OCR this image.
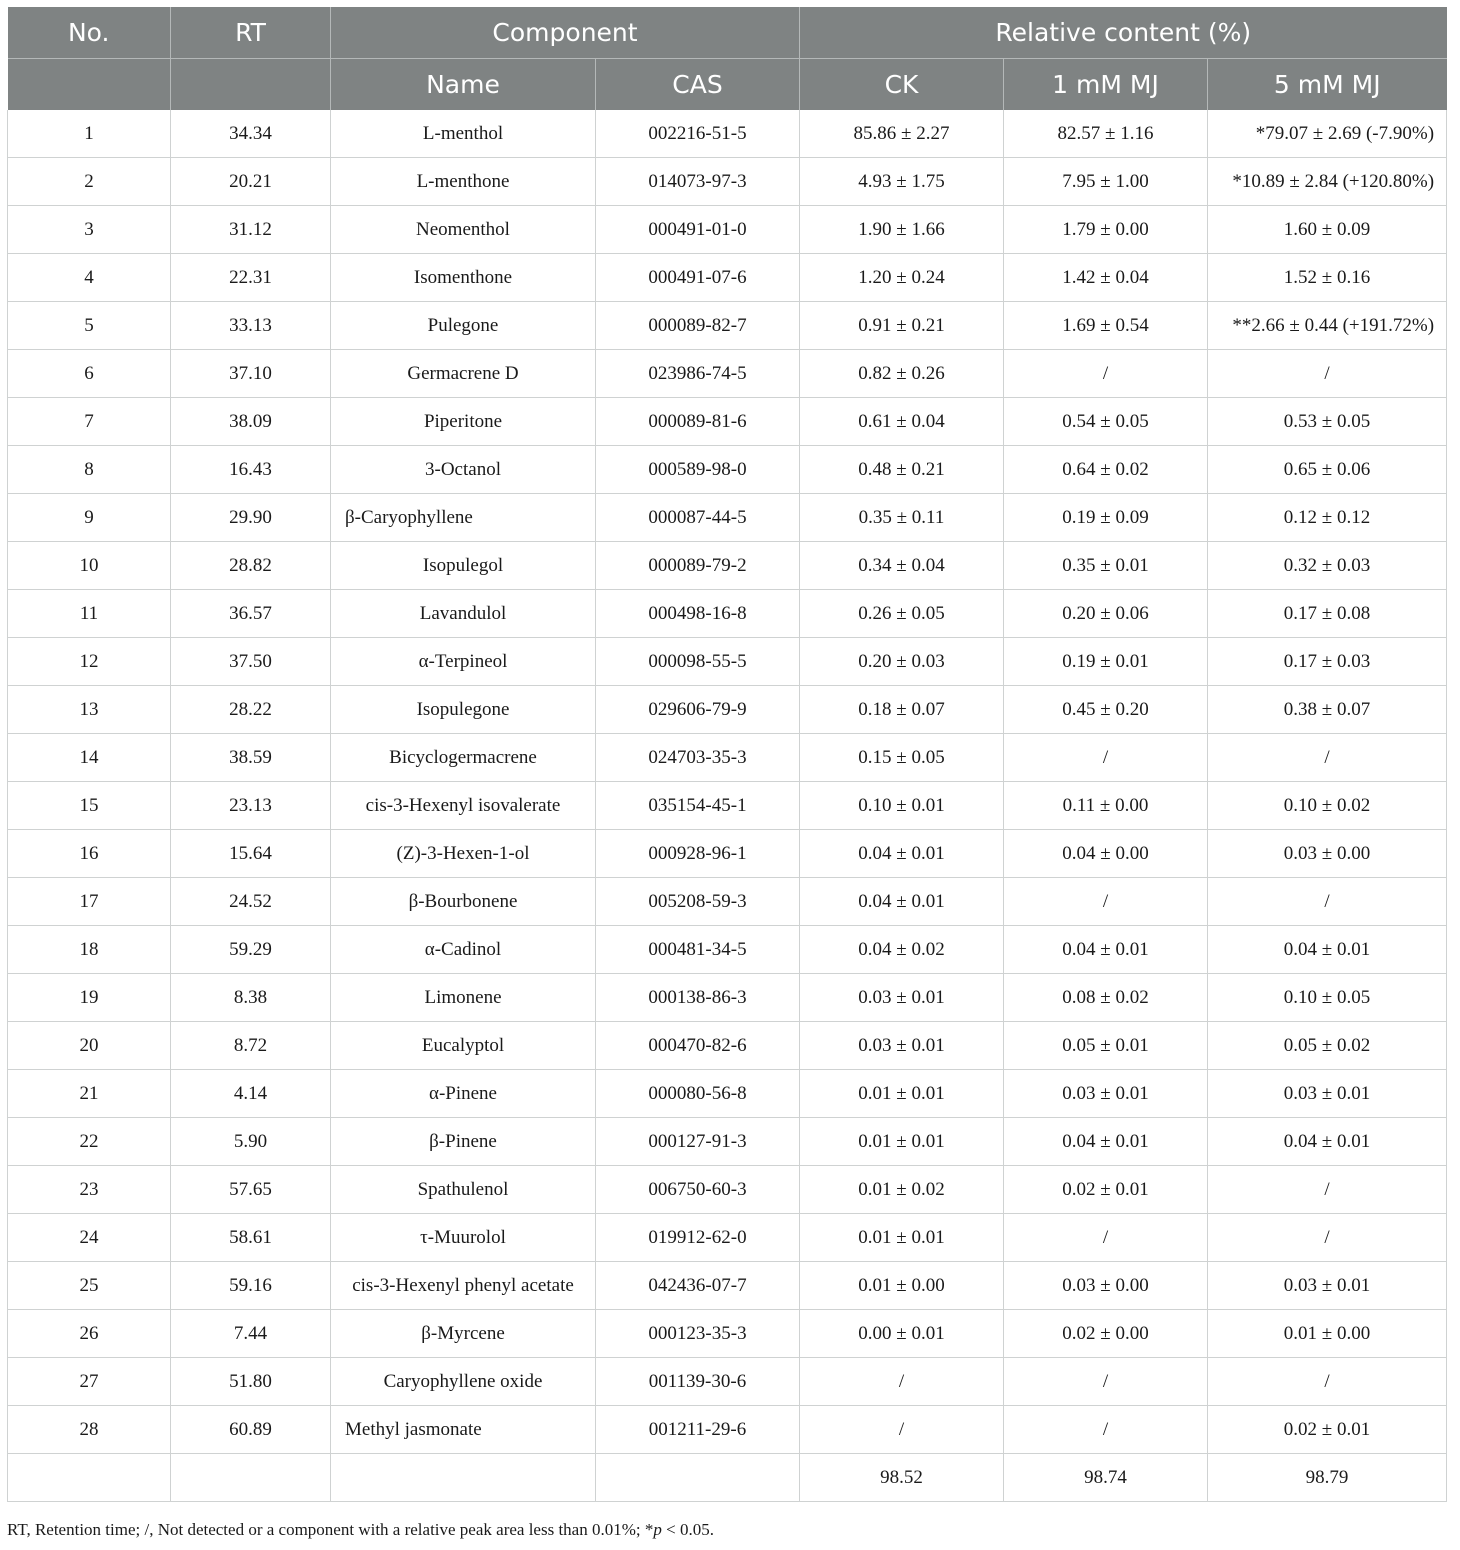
No.	RT	Component		Relative content (%)		
		Name	CAS	CK	1 mM MJ	5 mM MJ
1	34.34	L-menthol	002216-51-5	85.86 ± 2.27	82.57 ± 1.16	*79.07 ± 2.69 (-7.90%)
2	20.21	L-menthone	014073-97-3	4.93 ± 1.75	7.95 ± 1.00	*10.89 ± 2.84 (+120.80%)
3	31.12	Neomenthol	000491-01-0	1.90 ± 1.66	1.79 ± 0.00	1.60 ± 0.09
4	22.31	Isomenthone	000491-07-6	1.20 ± 0.24	1.42 ± 0.04	1.52 ± 0.16
5	33.13	Pulegone	000089-82-7	0.91 ± 0.21	1.69 ± 0.54	**2.66 ± 0.44 (+191.72%)
6	37.10	Germacrene D	023986-74-5	0.82 ± 0.26	/	/
7	38.09	Piperitone	000089-81-6	0.61 ± 0.04	0.54 ± 0.05	0.53 ± 0.05
8	16.43	3-Octanol	000589-98-0	0.48 ± 0.21	0.64 ± 0.02	0.65 ± 0.06
9	29.90	β-Caryophyllene	000087-44-5	0.35 ± 0.11	0.19 ± 0.09	0.12 ± 0.12
10	28.82	Isopulegol	000089-79-2	0.34 ± 0.04	0.35 ± 0.01	0.32 ± 0.03
11	36.57	Lavandulol	000498-16-8	0.26 ± 0.05	0.20 ± 0.06	0.17 ± 0.08
12	37.50	α-Terpineol	000098-55-5	0.20 ± 0.03	0.19 ± 0.01	0.17 ± 0.03
13	28.22	Isopulegone	029606-79-9	0.18 ± 0.07	0.45 ± 0.20	0.38 ± 0.07
14	38.59	Bicyclogermacrene	024703-35-3	0.15 ± 0.05	/	/
15	23.13	cis-3-Hexenyl isovalerate	035154-45-1	0.10 ± 0.01	0.11 ± 0.00	0.10 ± 0.02
16	15.64	(Z)-3-Hexen-1-ol	000928-96-1	0.04 ± 0.01	0.04 ± 0.00	0.03 ± 0.00
17	24.52	β-Bourbonene	005208-59-3	0.04 ± 0.01	/	/
18	59.29	α-Cadinol	000481-34-5	0.04 ± 0.02	0.04 ± 0.01	0.04 ± 0.01
19	8.38	Limonene	000138-86-3	0.03 ± 0.01	0.08 ± 0.02	0.10 ± 0.05
20	8.72	Eucalyptol	000470-82-6	0.03 ± 0.01	0.05 ± 0.01	0.05 ± 0.02
21	4.14	α-Pinene	000080-56-8	0.01 ± 0.01	0.03 ± 0.01	0.03 ± 0.01
22	5.90	β-Pinene	000127-91-3	0.01 ± 0.01	0.04 ± 0.01	0.04 ± 0.01
23	57.65	Spathulenol	006750-60-3	0.01 ± 0.02	0.02 ± 0.01	/
24	58.61	τ-Muurolol	019912-62-0	0.01 ± 0.01	/	/
25	59.16	cis-3-Hexenyl phenyl acetate	042436-07-7	0.01 ± 0.00	0.03 ± 0.00	0.03 ± 0.01
26	7.44	β-Myrcene	000123-35-3	0.00 ± 0.01	0.02 ± 0.00	0.01 ± 0.00
27	51.80	Caryophyllene oxide	001139-30-6	/	/	/
28	60.89	Methyl jasmonate	001211-29-6	/	/	0.02 ± 0.01
				98.52	98.74	98.79
RT, Retention time; /, Not detected or a component with a relative peak area less than 0.01%; *p < 0.05.
